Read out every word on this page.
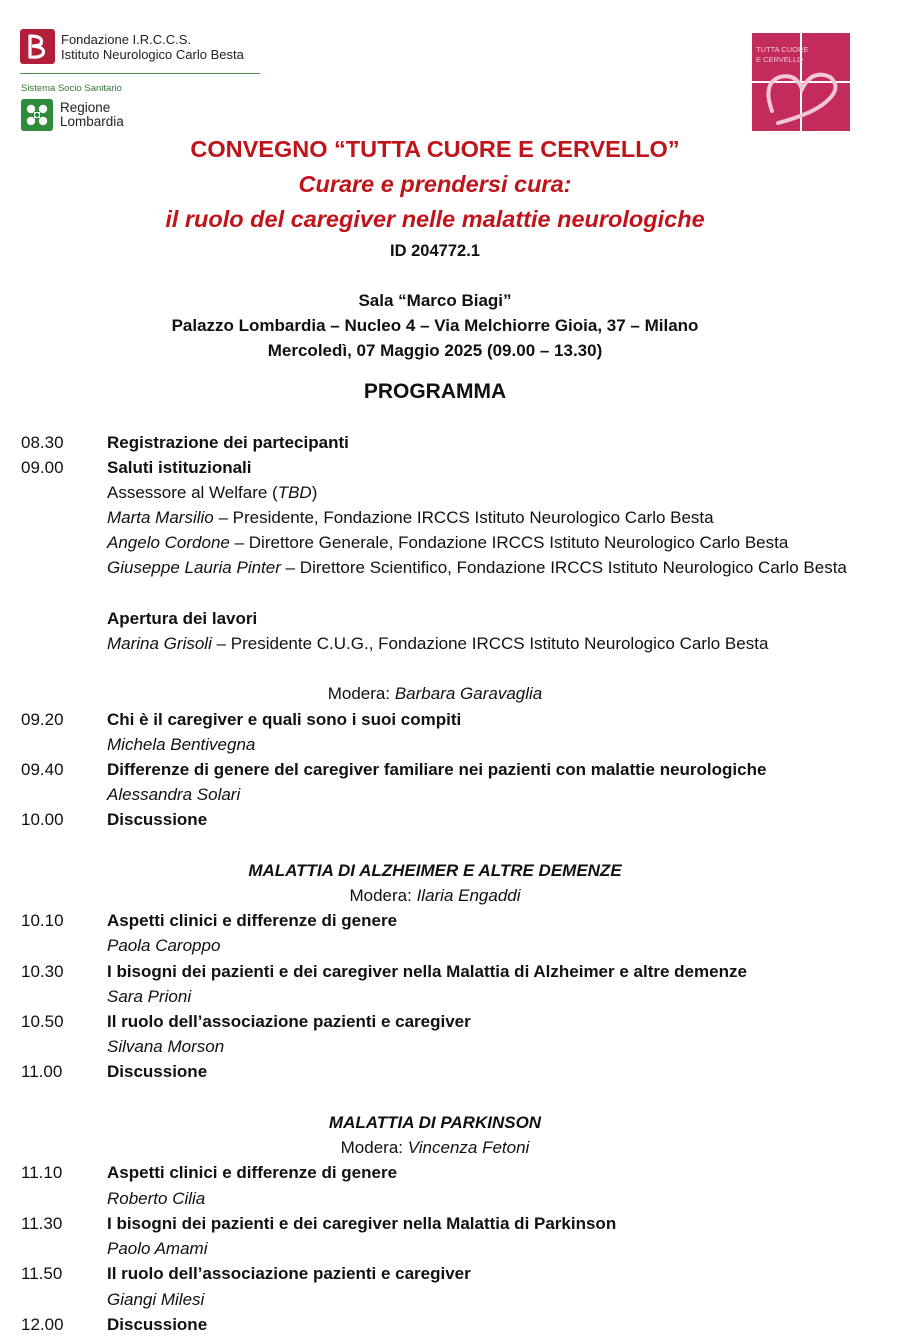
Fondazione I.R.C.C.S.
Istituto Neurologico Carlo Besta
Sistema Socio Sanitario
Regione
Lombardia
TUTTA CUORE
E CERVELLO
CONVEGNO “TUTTA CUORE E CERVELLO”
Curare e prendersi cura:
il ruolo del caregiver nelle malattie neurologiche
ID 204772.1
Sala “Marco Biagi”
Palazzo Lombardia – Nucleo 4 – Via Melchiorre Gioia, 37 – Milano
Mercoledì, 07 Maggio 2025 (09.00 – 13.30)
PROGRAMMA
08.30	Registrazione dei partecipanti
09.00	Saluti istituzionali
Assessore al Welfare (TBD)
Marta Marsilio – Presidente, Fondazione IRCCS Istituto Neurologico Carlo Besta
Angelo Cordone – Direttore Generale, Fondazione IRCCS Istituto Neurologico Carlo Besta
Giuseppe Lauria Pinter – Direttore Scientifico, Fondazione IRCCS Istituto Neurologico Carlo Besta
Apertura dei lavori
Marina Grisoli – Presidente C.U.G., Fondazione IRCCS Istituto Neurologico Carlo Besta
Modera: Barbara Garavaglia
09.20	Chi è il caregiver e quali sono i suoi compiti
Michela Bentivegna
09.40	Differenze di genere del caregiver familiare nei pazienti con malattie neurologiche
Alessandra Solari
10.00	Discussione
MALATTIA DI ALZHEIMER E ALTRE DEMENZE
Modera: Ilaria Engaddi
10.10	Aspetti clinici e differenze di genere
Paola Caroppo
10.30	I bisogni dei pazienti e dei caregiver nella Malattia di Alzheimer e altre demenze
Sara Prioni
10.50	Il ruolo dell’associazione pazienti e caregiver
Silvana Morson
11.00	Discussione
MALATTIA DI PARKINSON
Modera: Vincenza Fetoni
11.10	Aspetti clinici e differenze di genere
Roberto Cilia
11.30	I bisogni dei pazienti e dei caregiver nella Malattia di Parkinson
Paolo Amami
11.50	Il ruolo dell’associazione pazienti e caregiver
Giangi Milesi
12.00	Discussione
